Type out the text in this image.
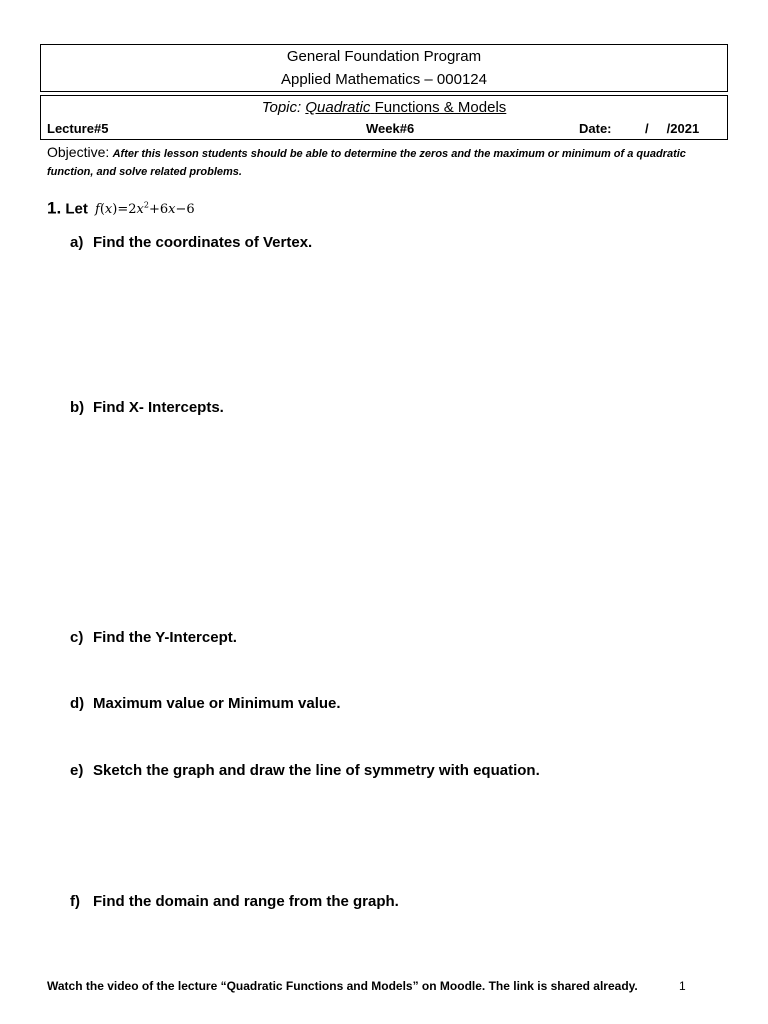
General Foundation Program
Applied Mathematics – 000124
Topic: Quadratic Functions & Models
Lecture#5	Week#6	Date:	/     /2021
Objective: After this lesson students should be able to determine the zeros and the maximum or minimum of a quadratic function, and solve related problems.
1. Let $f(x)=2x^2+6x-6$
a) Find the coordinates of Vertex.
b) Find X- Intercepts.
c) Find the Y-Intercept.
d) Maximum value or Minimum value.
e) Sketch the graph and draw the line of symmetry with equation.
f) Find the domain and range from the graph.
Watch the video of the lecture “Quadratic Functions and Models” on Moodle. The link is shared already.	1
